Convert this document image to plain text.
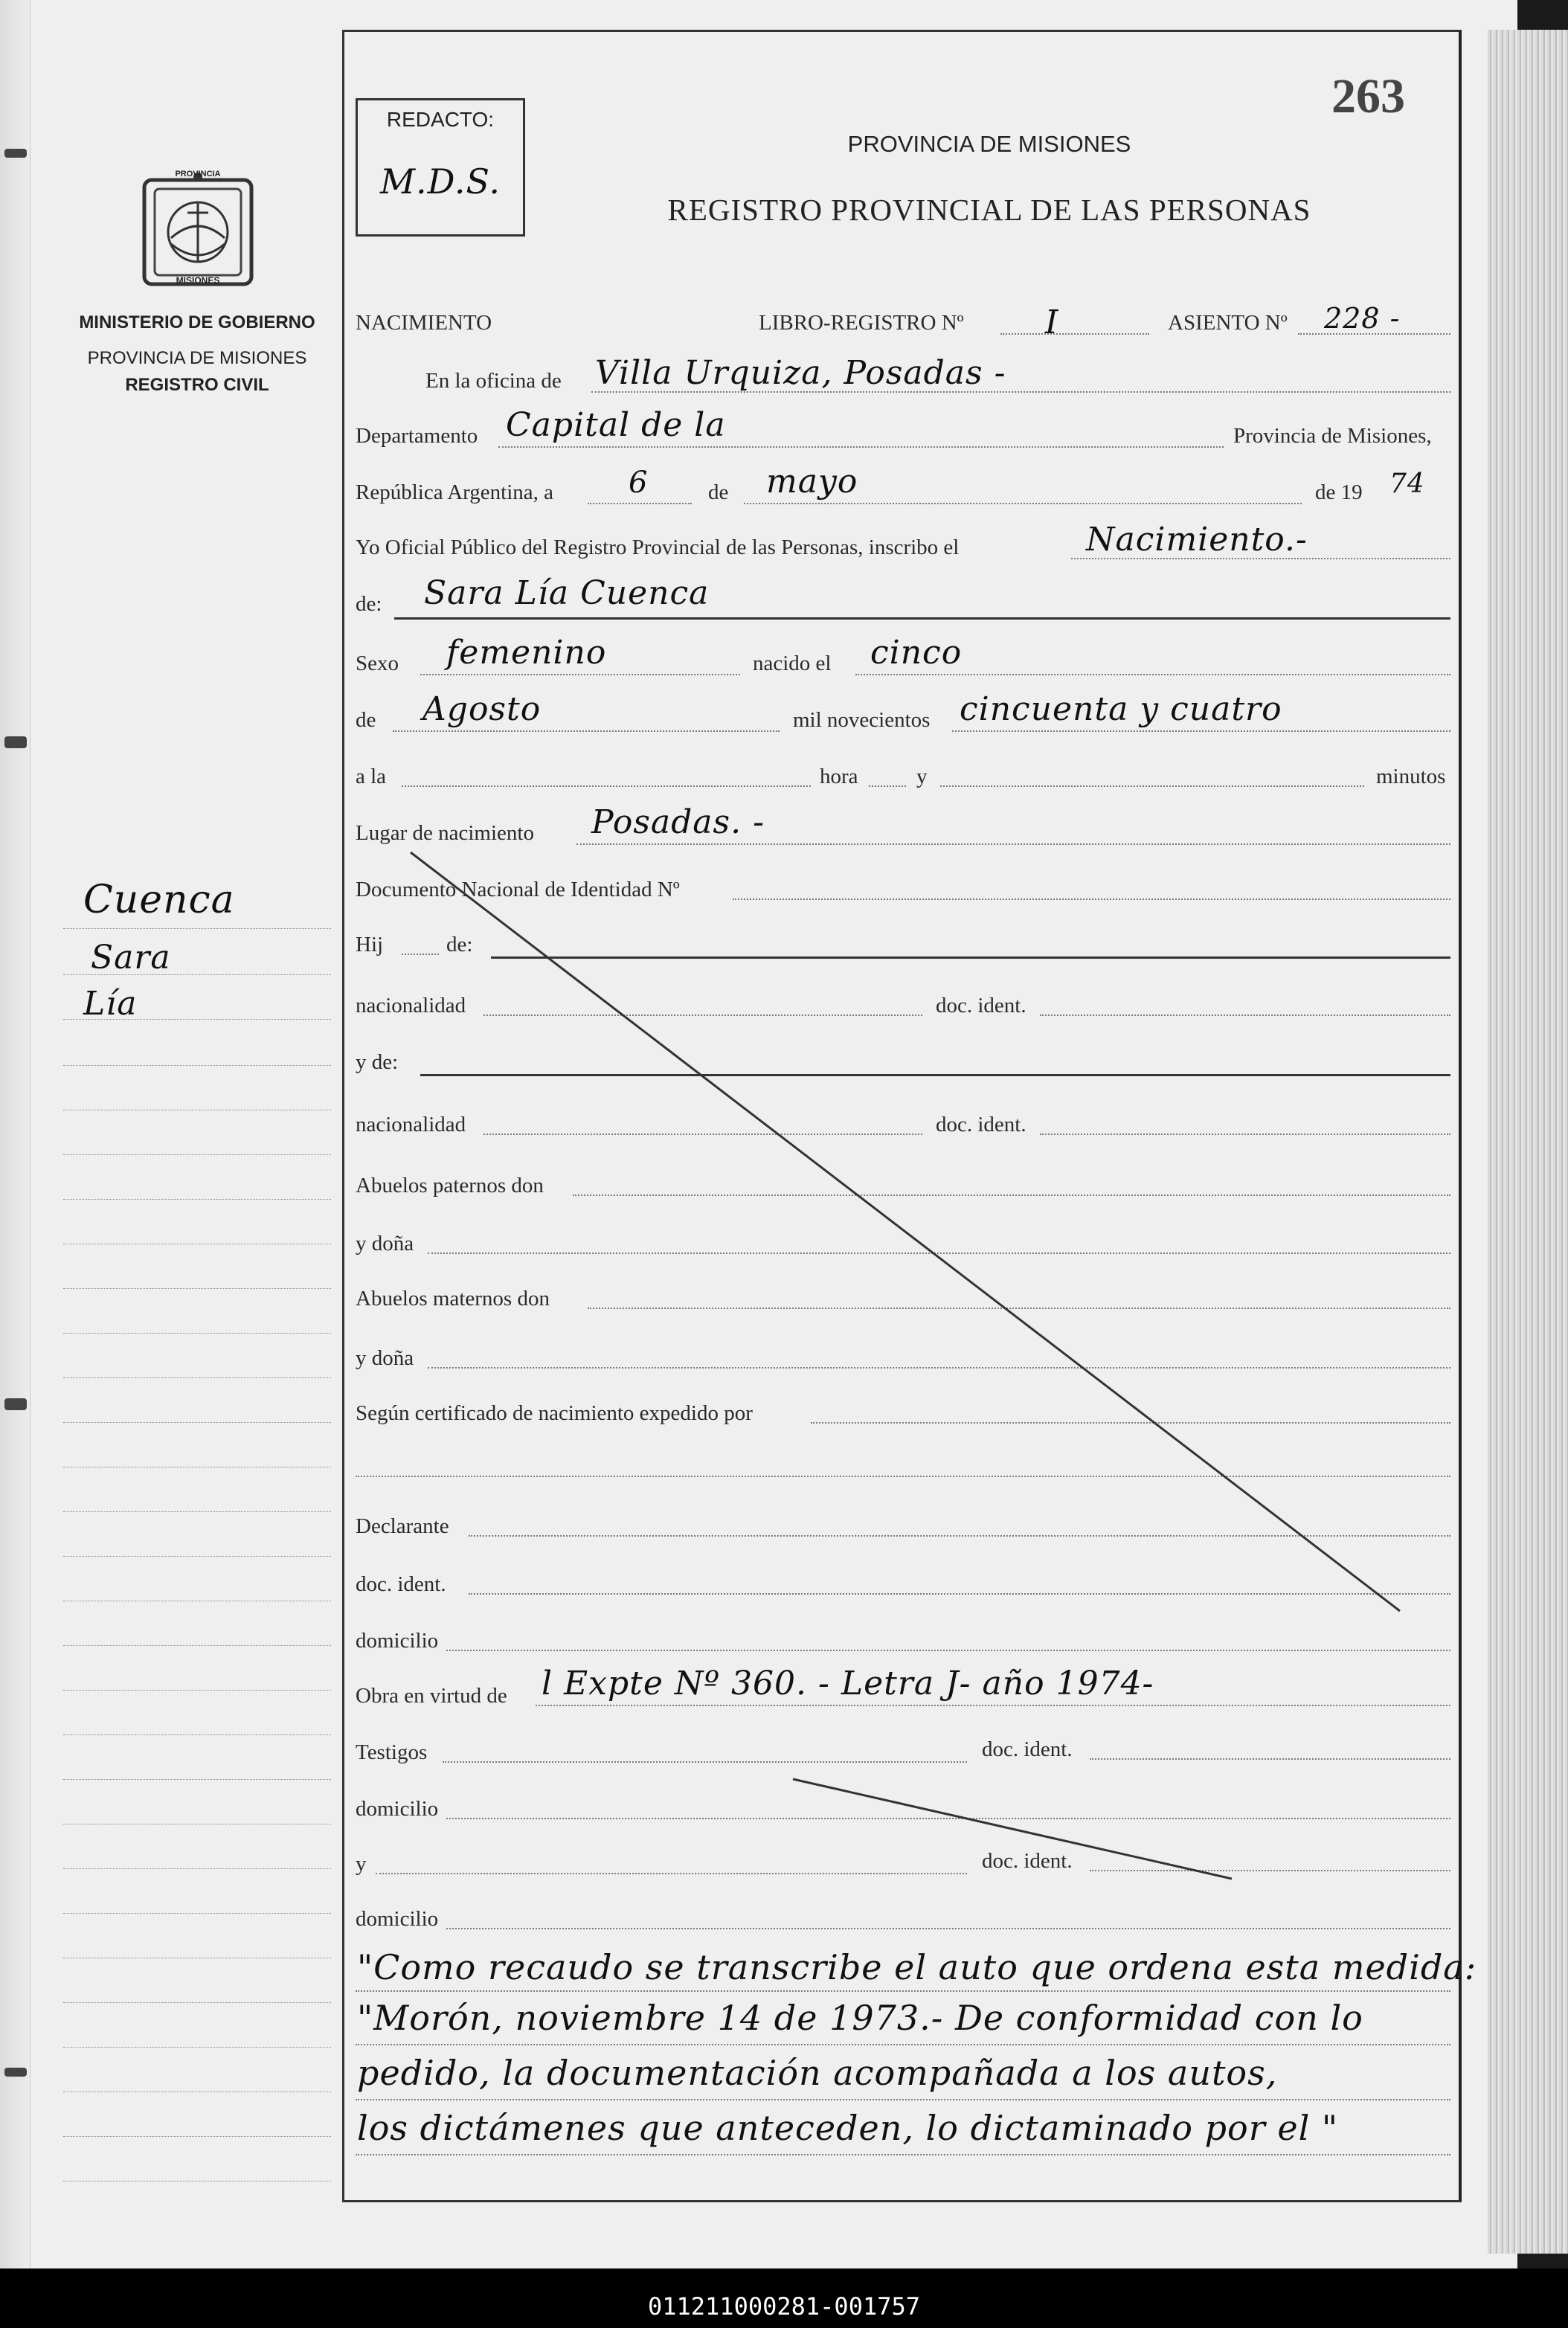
263
REDACTO:
M.D.S.
PROVINCIA DE MISIONES
REGISTRO PROVINCIAL DE LAS PERSONAS
PROVINCIA
MISIONES
MINISTERIO DE GOBIERNO
PROVINCIA DE MISIONES
REGISTRO CIVIL
Cuenca
Sara
Lía
NACIMIENTO	LIBRO-REGISTRO Nº I	ASIENTO Nº 228 -
En la oficina de Villa Urquiza, Posadas -
Departamento Capital de la	Provincia de Misiones,
República Argentina, a	6	de mayo	de 19 74
Yo Oficial Público del Registro Provincial de las Personas, inscribo el	Nacimiento.-
de: Sara Lía Cuenca
Sexo femenino	nacido el cinco
de Agosto	mil novecientos cincuenta y cuatro
a la	hora	y	minutos
Lugar de nacimiento Posadas. -
Documento Nacional de Identidad Nº
Hij	de:
nacionalidad	doc. ident.
y de:
nacionalidad	doc. ident.
Abuelos paternos don
y doña
Abuelos maternos don
y doña
Según certificado de nacimiento expedido por
Declarante
doc. ident.
domicilio
Obra en virtud de l Expte Nº 360. - Letra J- año 1974-
Testigos	doc. ident.
domicilio
y	doc. ident.
domicilio
"Como recaudo se transcribe el auto que ordena esta medida:
"Morón, noviembre 14 de 1973.- De conformidad con lo
pedido, la documentación acompañada a los autos,
los dictámenes que anteceden, lo dictaminado por el "
011211000281-001757
